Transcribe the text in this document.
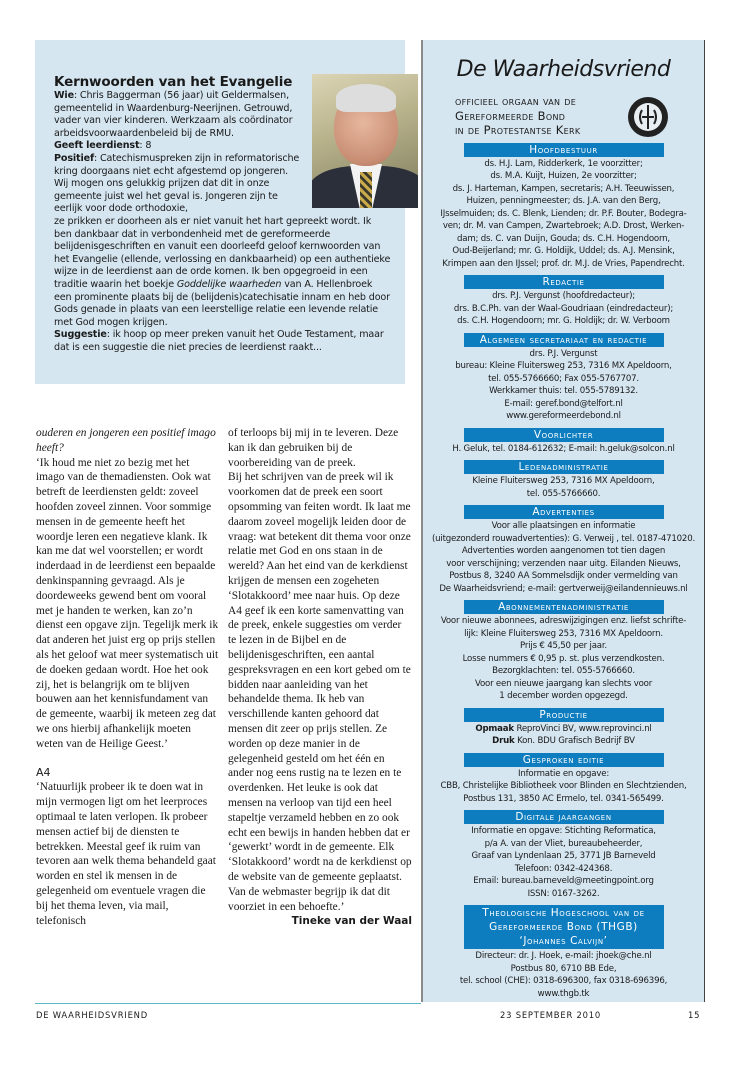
Kernwoorden van het Evangelie

Wie: Chris Baggerman (56 jaar) uit Geldermalsen, gemeentelid in Waardenburg-Neerijnen. Getrouwd, vader van vier kinderen. Werkzaam als coördinator arbeidsvoorwaardenbeleid bij de RMU.

Geeft leerdienst: 8

Positief: Catechismuspreken zijn in reformatorische kring doorgaans niet echt afgestemd op jongeren. Wij mogen ons gelukkig prijzen dat dit in onze gemeente juist wel het geval is. Jongeren zijn te eerlijk voor dode orthodoxie,

ze prikken er doorheen als er niet vanuit het hart gepreekt wordt. Ik ben dankbaar dat in verbondenheid met de gereformeerde belijdenisgeschriften en vanuit een doorleefd geloof kernwoorden van het Evangelie (ellende, verlossing en dankbaarheid) op een authentieke wijze in de leerdienst aan de orde komen. Ik ben opgegroeid in een traditie waarin het boekje Goddelijke waarheden van A. Hellenbroek een prominente plaats bij de (belijdenis)catechisatie innam en heb door Gods genade in plaats van een leerstellige relatie een levende relatie met God mogen krijgen.

Suggestie: ik hoop op meer preken vanuit het Oude Testament, maar dat is een suggestie die niet precies de leerdienst raakt...

ouderen en jongeren een positief imago heeft?

‘Ik houd me niet zo bezig met het imago van de themadiensten. Ook wat betreft de leerdiensten geldt: zoveel hoofden zoveel zinnen. Voor sommige mensen in de gemeente heeft het woordje leren een negatieve klank. Ik kan me dat wel voorstellen; er wordt inderdaad in de leerdienst een bepaalde denkinspanning gevraagd. Als je doordeweeks gewend bent om vooral met je handen te werken, kan zo’n dienst een opgave zijn. Tegelijk merk ik dat anderen het juist erg op prijs stellen als het geloof wat meer systematisch uit de doeken gedaan wordt. Hoe het ook zij, het is belangrijk om te blijven bouwen aan het kennisfundament van de gemeente, waarbij ik meteen zeg dat we ons hierbij afhankelijk moeten weten van de Heilige Geest.’

A4

‘Natuurlijk probeer ik te doen wat in mijn vermogen ligt om het leerproces optimaal te laten verlopen. Ik probeer mensen actief bij de diensten te betrekken. Meestal geef ik ruim van tevoren aan welk thema behandeld gaat worden en stel ik mensen in de gelegenheid om eventuele vragen die bij het thema leven, via mail, telefonisch

of terloops bij mij in te leveren. Deze kan ik dan gebruiken bij de voorbereiding van de preek.

Bij het schrijven van de preek wil ik voorkomen dat de preek een soort opsomming van feiten wordt. Ik laat me daarom zoveel mogelijk leiden door de vraag: wat betekent dit thema voor onze relatie met God en ons staan in de wereld? Aan het eind van de kerkdienst krijgen de mensen een zogeheten ‘Slotakkoord’ mee naar huis. Op deze A4 geef ik een korte samenvatting van de preek, enkele suggesties om verder te lezen in de Bijbel en de belijdenisgeschriften, een aantal gespreksvragen en een kort gebed om te bidden naar aanleiding van het behandelde thema. Ik heb van verschillende kanten gehoord dat mensen dit zeer op prijs stellen. Ze worden op deze manier in de gelegenheid gesteld om het één en ander nog eens rustig na te lezen en te overdenken. Het leuke is ook dat mensen na verloop van tijd een heel stapeltje verzameld hebben en zo ook echt een bewijs in handen hebben dat er ‘gewerkt’ wordt in de gemeente. Elk ‘Slotakkoord’ wordt na de kerkdienst op de website van de gemeente geplaatst. Van de webmaster begrijp ik dat dit voorziet in een behoefte.’

Tineke van der Waal

De Waarheidsvriend
officieel orgaan van de
Gereformeerde Bond
in de Protestantse Kerk
Hoofdbestuur

ds. H.J. Lam, Ridderkerk, 1e voorzitter;

ds. M.A. Kuijt, Huizen, 2e voorzitter;

ds. J. Harteman, Kampen, secretaris; A.H. Teeuwissen,

Huizen, penningmeester; ds. J.A. van den Berg,

IJsselmuiden; ds. C. Blenk, Lienden; dr. P.F. Bouter, Bodegra-

ven; dr. M. van Campen, Zwartebroek; A.D. Drost, Werken-

dam; ds. C. van Duijn, Gouda; ds. C.H. Hogendoorn,

Oud-Beijerland; mr. G. Holdijk, Uddel; ds. A.J. Mensink,

Krimpen aan den IJssel; prof. dr. M.J. de Vries, Papendrecht.

Redactie

drs. P.J. Vergunst (hoofdredacteur);

drs. B.C.Ph. van der Waal-Goudriaan (eindredacteur);

ds. C.H. Hogendoorn; mr. G. Holdijk; dr. W. Verboom

Algemeen secretariaat en redactie

drs. P.J. Vergunst

bureau: Kleine Fluitersweg 253, 7316 MX Apeldoorn,

tel. 055-5766660; Fax 055-5767707.

Werkkamer thuis: tel. 055-5789132.

E-mail: geref.bond@telfort.nl

www.gereformeerdebond.nl

Voorlichter

H. Geluk, tel. 0184-612632; E-mail: h.geluk@solcon.nl

Ledenadministratie

Kleine Fluitersweg 253, 7316 MX Apeldoorn,

tel. 055-5766660.

Advertenties

Voor alle plaatsingen en informatie

(uitgezonderd rouwadvertenties): G. Verweij , tel. 0187-471020.

Advertenties worden aangenomen tot tien dagen

voor verschijning; verzenden naar uitg. Eilanden Nieuws,

Postbus 8, 3240 AA Sommelsdijk onder vermelding van

De Waarheidsvriend; e-mail: gertverweij@eilandennieuws.nl

Abonnementenadministratie

Voor nieuwe abonnees, adreswijzigingen enz. liefst schrifte-

lijk: Kleine Fluitersweg 253, 7316 MX Apeldoorn.

Prijs € 45,50 per jaar.

Losse nummers € 0,95 p. st. plus verzendkosten.

Bezorgklachten: tel. 055-5766660.

Voor een nieuwe jaargang kan slechts voor

1 december worden opgezegd.

Productie

Opmaak ReproVinci BV, www.reprovinci.nl

Druk Kon. BDU Grafisch Bedrijf BV

Gesproken editie

Informatie en opgave:

CBB, Christelijke Bibliotheek voor Blinden en Slechtzienden,

Postbus 131, 3850 AC Ermelo, tel. 0341-565499.

Digitale jaargangen

Informatie en opgave: Stichting Reformatica,

p/a A. van der Vliet, bureaubeheerder,

Graaf van Lyndenlaan 25, 3771 JB Barneveld

Telefoon: 0342-424368.

Email: bureau.barneveld@meetingpoint.org

ISSN: 0167-3262.

Theologische Hogeschool van de
Gereformeerde Bond (THGB)
‘Johannes Calvijn’

Directeur: dr. J. Hoek, e-mail: jhoek@che.nl

Postbus 80, 6710 BB Ede,

tel. school (CHE): 0318-696300, fax 0318-696396,

www.thgb.tk

DE WAARHEIDSVRIEND	23 SEPTEMBER 2010	15
